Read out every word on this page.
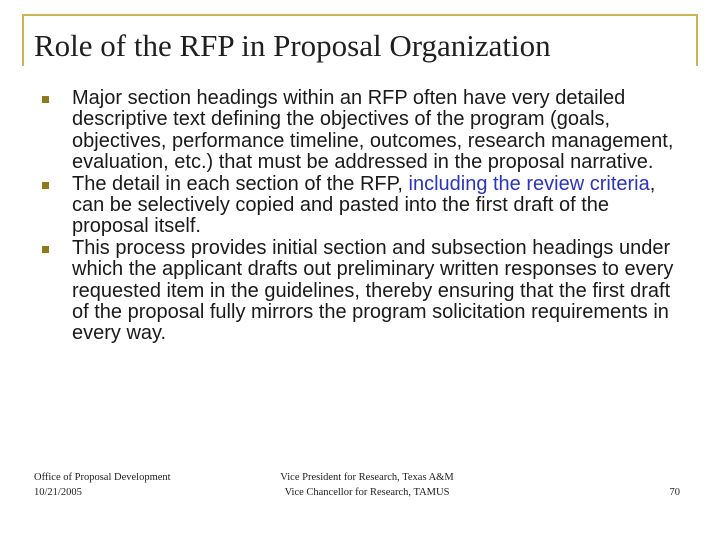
Role of the RFP in Proposal Organization
Major section headings within an RFP often have very detailed descriptive text defining the objectives of the program (goals, objectives, performance timeline, outcomes, research management, evaluation, etc.) that must be addressed in the proposal narrative.
The detail in each section of the RFP, including the review criteria, can be selectively copied and pasted into the first draft of the proposal itself.
This process provides initial section and subsection headings under which the applicant drafts out preliminary written responses to every requested item in the guidelines, thereby ensuring that the first draft of the proposal fully mirrors the program solicitation requirements in every way.
Office of Proposal Development
10/21/2005
Vice President for Research, Texas A&M
Vice Chancellor for Research, TAMUS	70
